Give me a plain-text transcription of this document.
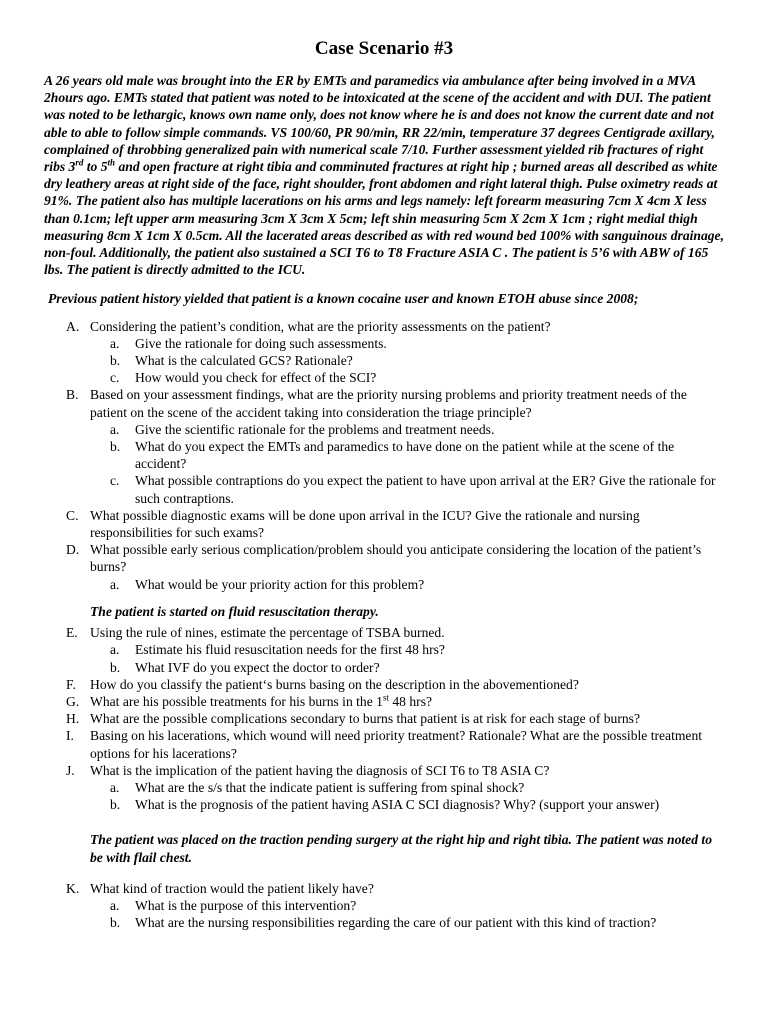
Case Scenario #3

A 26 years old male was brought into the ER by EMTs and paramedics via ambulance after being involved in a MVA 2hours ago. EMTs stated that patient was noted to be intoxicated at the scene of the accident and with DUI. The patient was noted to be lethargic, knows own name only, does not know where he is and does not know the current date and not able to able to follow simple commands. VS 100/60, PR 90/min, RR 22/min, temperature 37 degrees Centigrade axillary, complained of throbbing generalized pain with numerical scale 7/10. Further assessment yielded rib fractures of right ribs 3rd to 5th and open fracture at right tibia and comminuted fractures at right hip ; burned areas all described as white dry leathery areas at right side of the face, right shoulder, front abdomen and right lateral thigh. Pulse oximetry reads at 91%. The patient also has multiple lacerations on his arms and legs namely: left forearm measuring 7cm X 4cm X less than 0.1cm; left upper arm measuring 3cm X 3cm X 5cm; left shin measuring 5cm X 2cm X 1cm ; right medial thigh measuring 8cm X 1cm X 0.5cm. All the lacerated areas described as with red wound bed 100% with sanguinous drainage, non-foul. Additionally, the patient also sustained a SCI T6 to T8 Fracture ASIA C . The patient is 5’6 with ABW of 165 lbs. The patient is directly admitted to the ICU.

Previous patient history yielded that patient is a known cocaine user and known ETOH abuse since 2008;

A. Considering the patient’s condition, what are the priority assessments on the patient?
a.	Give the rationale for doing such assessments.
b.	What is the calculated GCS? Rationale?
c.	How would you check for effect of the SCI?
B. Based on your assessment findings, what are the priority nursing problems and priority treatment needs of the patient on the scene of the accident taking into consideration the triage principle?
a.	Give the scientific rationale for the problems and treatment needs.
b.	What do you expect the EMTs and paramedics to have done on the patient while at the scene of the accident?
c.	What possible contraptions do you expect the patient to have upon arrival at the ER? Give the rationale for such contraptions.
C. What possible diagnostic exams will be done upon arrival in the ICU? Give the rationale and nursing responsibilities for such exams?
D. What possible early serious complication/problem should you anticipate considering the location of the patient’s burns?
a.	What would be your priority action for this problem?

The patient is started on fluid resuscitation therapy.

E. Using the rule of nines, estimate the percentage of TSBA burned.
a.	Estimate his fluid resuscitation needs for the first 48 hrs?
b.	What IVF do you expect the doctor to order?
F.	How do you classify the patient‘s burns basing on the description in the abovementioned?
G. What are his possible treatments for his burns in the 1st 48 hrs?
H. What are the possible complications secondary to burns that patient is at risk for each stage of burns?
I.	Basing on his lacerations, which wound will need priority treatment? Rationale? What are the possible treatment options for his lacerations?
J.	What is the implication of the patient having the diagnosis of SCI T6 to T8 ASIA C?
a.	What are the s/s that the indicate patient is suffering from spinal shock?
b.	What is the prognosis of the patient having ASIA C SCI diagnosis? Why? (support your answer)

The patient was placed on the traction pending surgery at the right hip and right tibia. The patient was noted to be with flail chest.

K. What kind of traction would the patient likely have?
a.	What is the purpose of this intervention?
b.	What are the nursing responsibilities regarding the care of our patient with this kind of traction?
